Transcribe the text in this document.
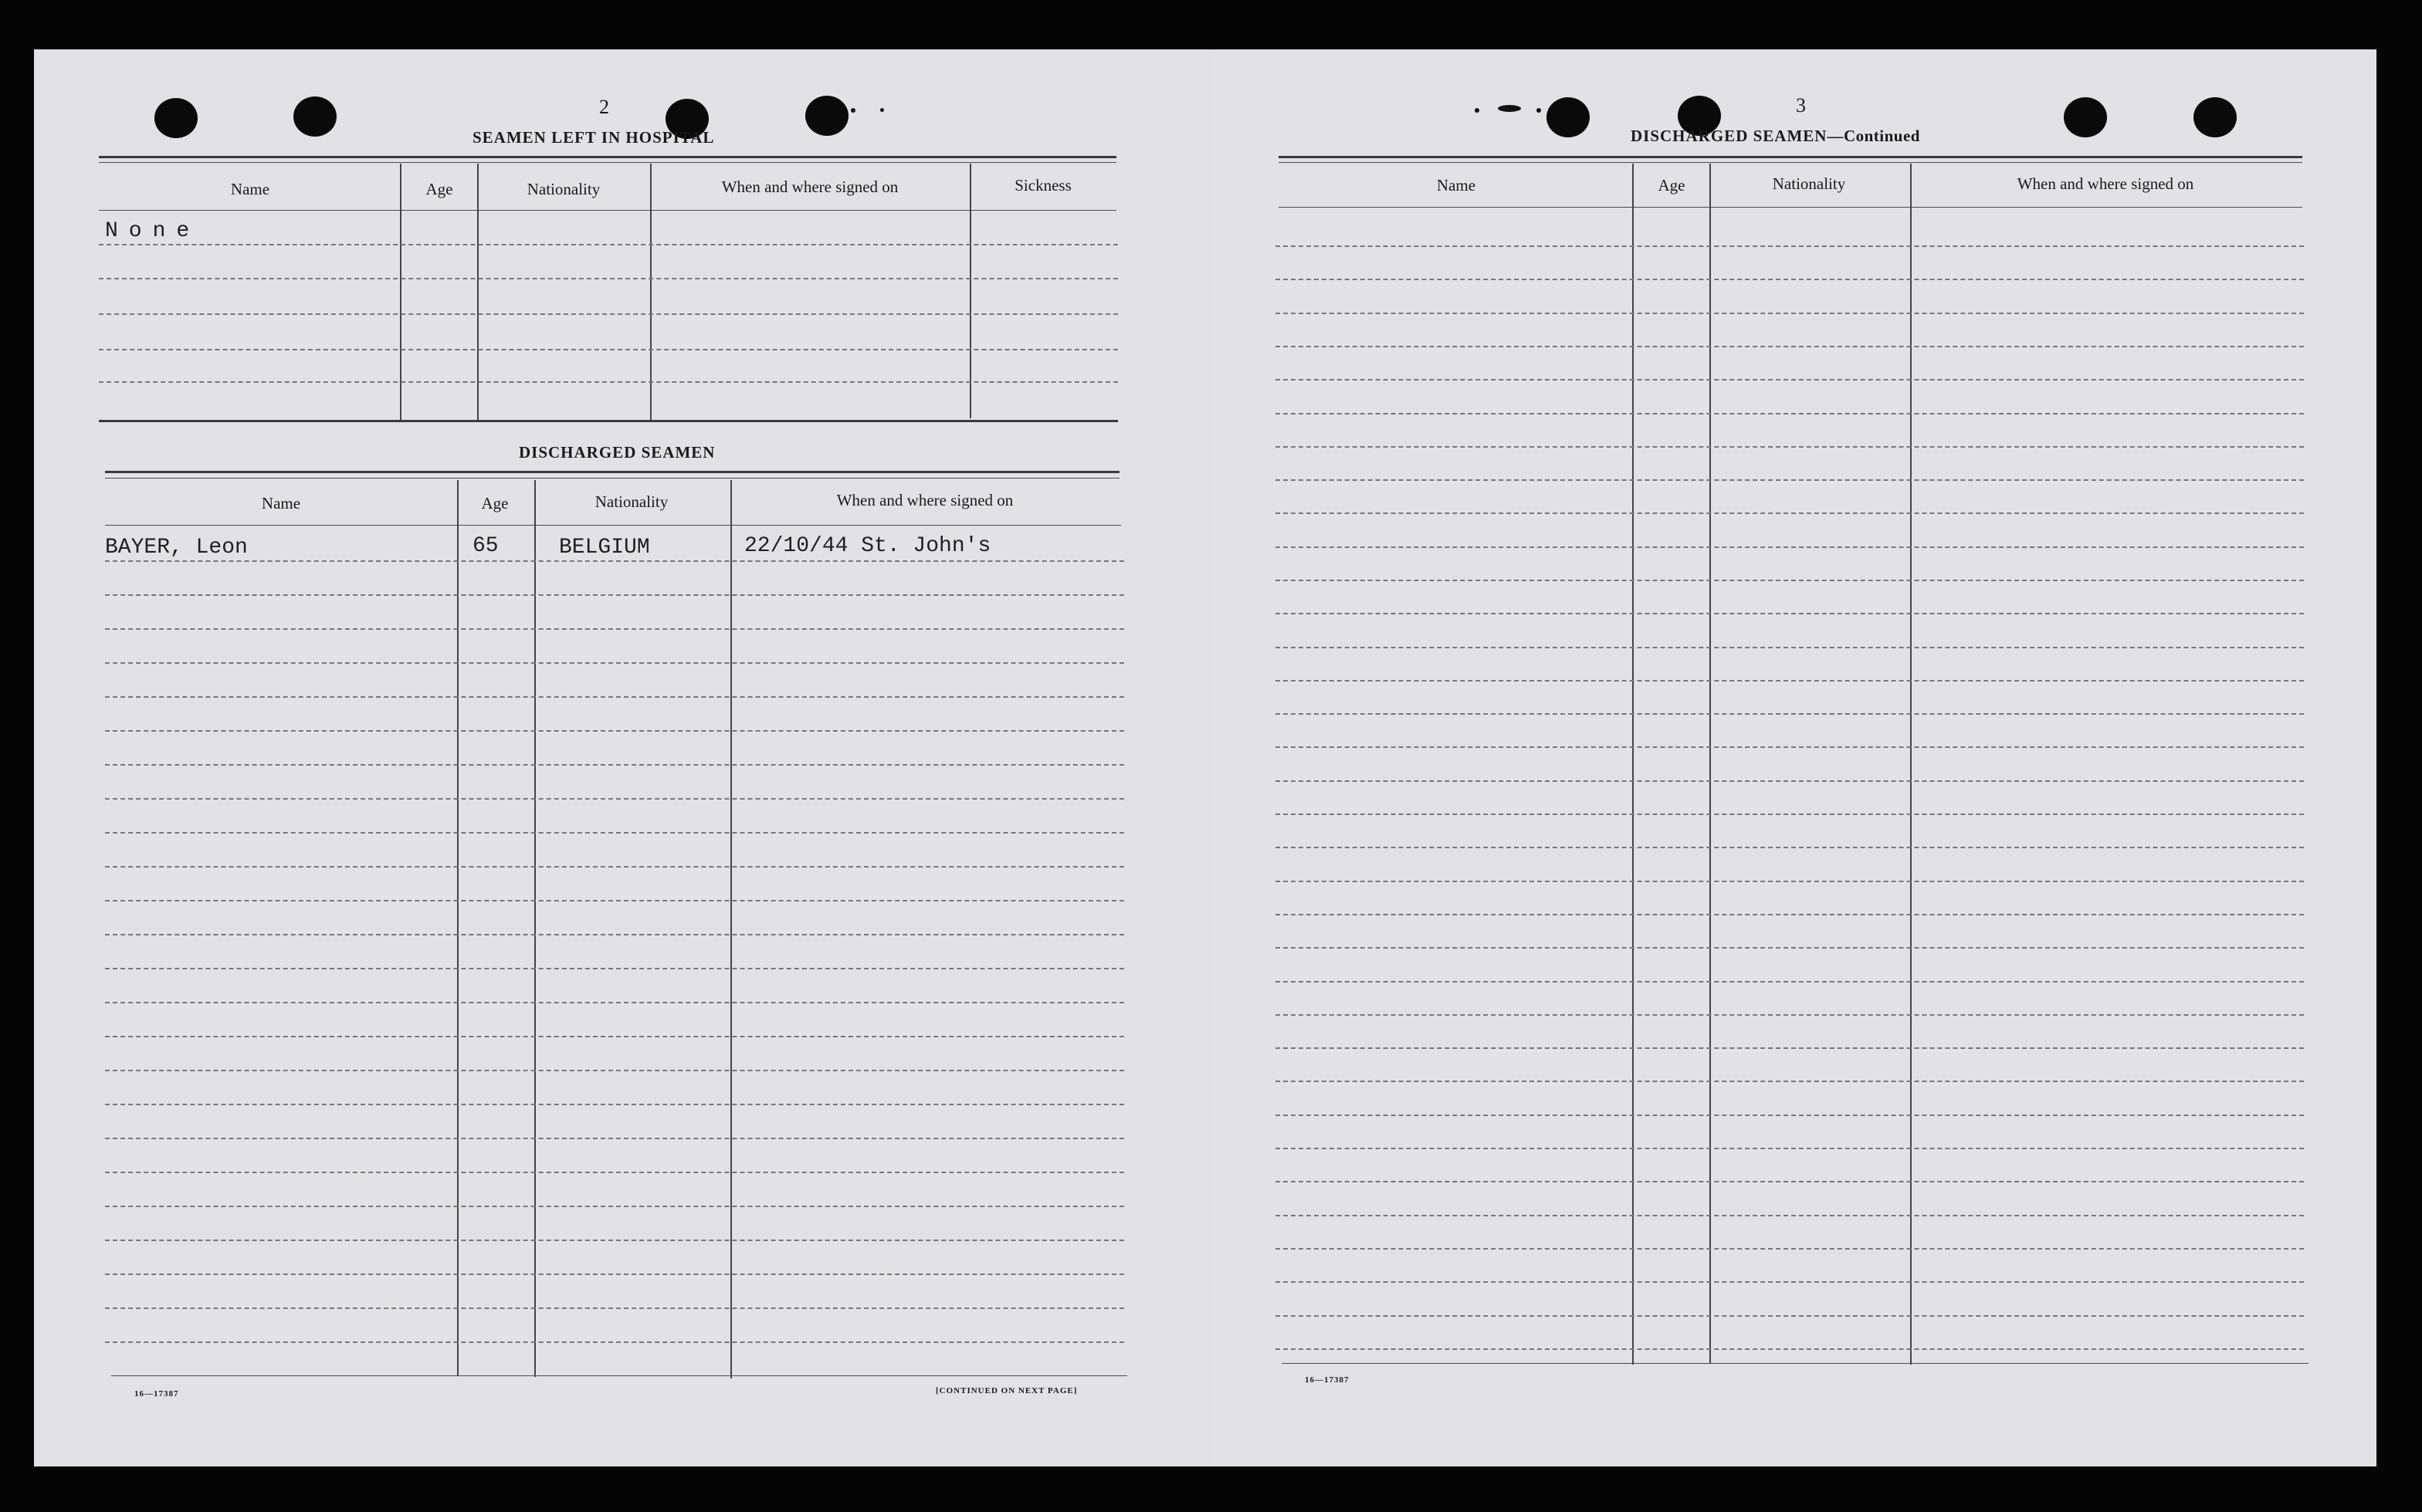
2
SEAMEN LEFT IN HOSPITAL
Name	Age	Nationality	When and where signed on	Sickness
None
DISCHARGED SEAMEN
Name	Age	Nationality	When and where signed on
BAYER, Leon	65	BELGIUM	22/10/44 St. John's
16—17387	[CONTINUED ON NEXT PAGE]
3
DISCHARGED SEAMEN—Continued
Name	Age	Nationality	When and where signed on
16—17387
